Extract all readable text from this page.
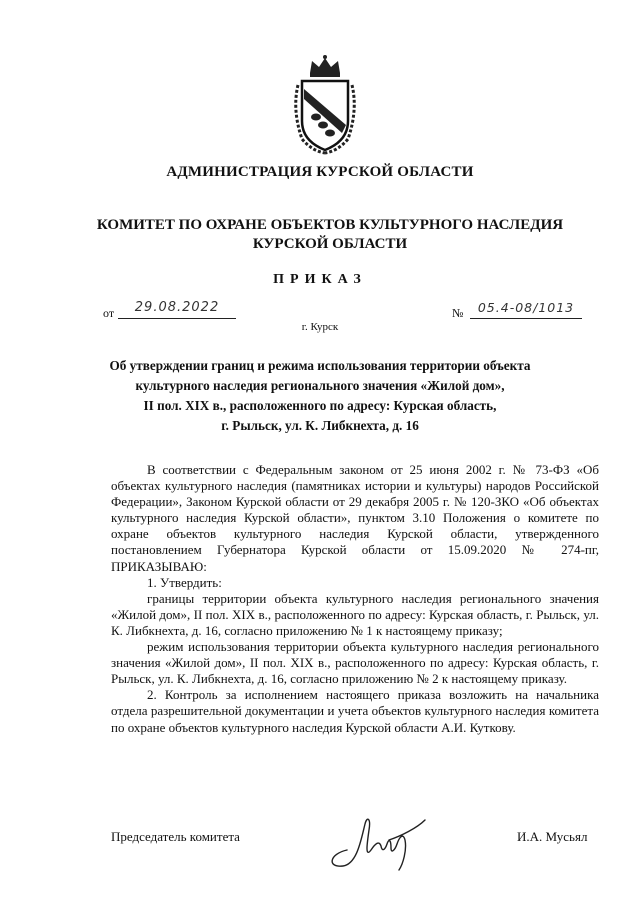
АДМИНИСТРАЦИЯ КУРСКОЙ ОБЛАСТИ
КОМИТЕТ ПО ОХРАНЕ ОБЪЕКТОВ КУЛЬТУРНОГО НАСЛЕДИЯ
КУРСКОЙ ОБЛАСТИ
ПРИКАЗ
от	29.08.2022	№	05.4-08/1013
г. Курск
Об утверждении границ и режима использования территории объекта
культурного наследия регионального значения «Жилой дом»,
II пол. XIX в., расположенного по адресу: Курская область,
г. Рыльск, ул. К. Либкнехта, д. 16

В соответствии с Федеральным законом от 25 июня 2002 г. № 73-ФЗ «Об объектах культурного наследия (памятниках истории и культуры) народов Российской Федерации», Законом Курской области от 29 декабря 2005 г. № 120-ЗКО «Об объектах культурного наследия Курской области», пунктом 3.10 Положения о комитете по охране объектов культурного наследия Курской области, утвержденного постановлением Губернатора Курской области от 15.09.2020 № 274-пг, ПРИКАЗЫВАЮ:

1. Утвердить:

границы территории объекта культурного наследия регионального значения «Жилой дом», II пол. XIX в., расположенного по адресу: Курская область, г. Рыльск, ул. К. Либкнехта, д. 16, согласно приложению № 1 к настоящему приказу;

режим использования территории объекта культурного наследия регионального значения «Жилой дом», II пол. XIX в., расположенного по адресу: Курская область, г. Рыльск, ул. К. Либкнехта, д. 16, согласно приложению № 2 к настоящему приказу.

2. Контроль за исполнением настоящего приказа возложить на начальника отдела разрешительной документации и учета объектов культурного наследия комитета по охране объектов культурного наследия Курской области А.И. Куткову.

Председатель комитета	И.А. Мусьял
